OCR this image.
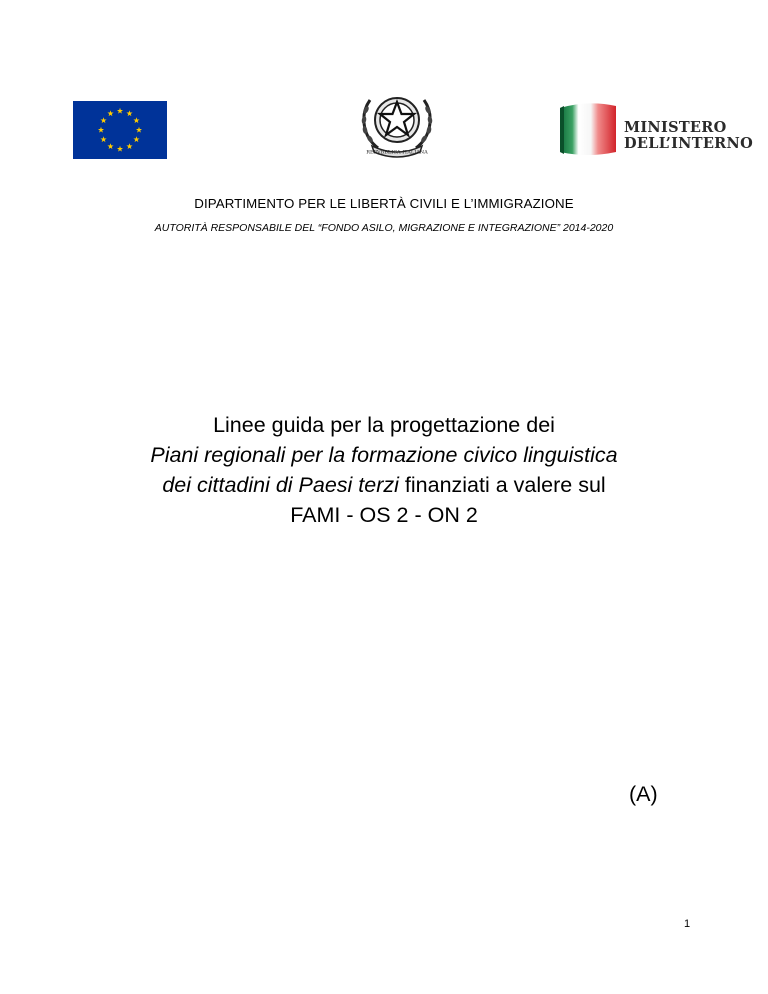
REPVBBLICA ITALIANA
MINISTERO
DELL’INTERNO
DIPARTIMENTO PER LE LIBERTÀ CIVILI E L’IMMIGRAZIONE
AUTORITÀ RESPONSABILE DEL “FONDO ASILO, MIGRAZIONE E INTEGRAZIONE” 2014-2020
Linee guida per la progettazione dei
Piani regionali per la formazione civico linguistica
dei cittadini di Paesi terzi finanziati a valere sul
FAMI - OS 2 - ON 2
(A)
1
